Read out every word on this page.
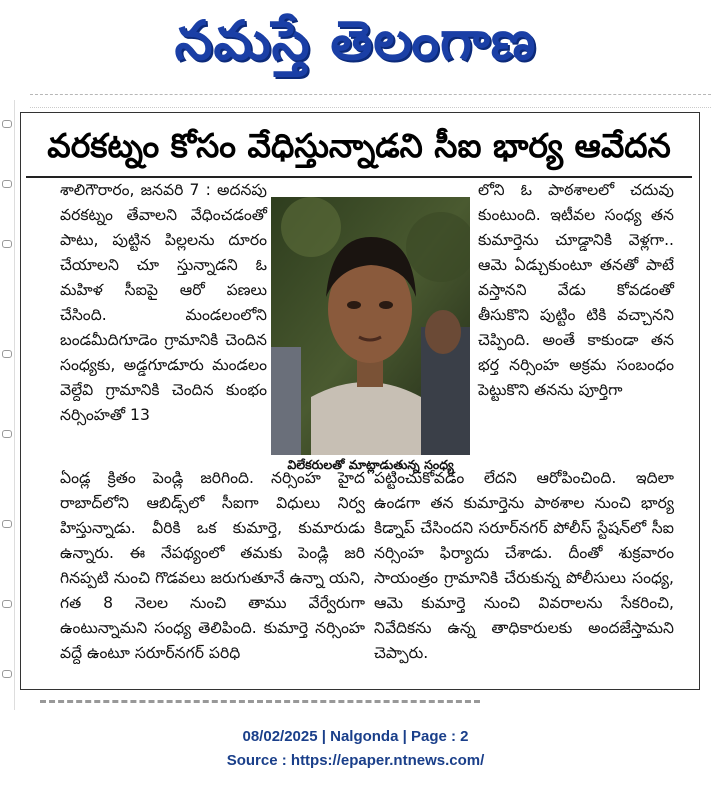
నమస్తే తెలంగాణ
వరకట్నం కోసం వేధిస్తున్నాడని సీఐ భార్య ఆవేదన
శాలిగౌరారం, జనవరి 7 : అదనపు వరకట్నం తేవాలని వేధించడంతో పాటు, పుట్టిన పిల్లలను దూరం చేయాలని చూ స్తున్నాడని ఓ మహిళ సీఐపై ఆరో పణలు చేసింది. మండలంలోని బండమీదిగూడెం గ్రామానికి చెందిన సంధ్యకు, అడ్డగూడూరు మండలం వెల్దేవి గ్రామానికి చెందిన కుంభం నర్సింహతో 13
విలేకరులతో మాట్లాడుతున్న సంధ్య
లోని ఓ పాఠశాలలో చదువు కుంటుంది. ఇటీవల సంధ్య తన కుమార్తెను చూడ్డానికి వెళ్లగా.. ఆమె ఏడ్చుకుంటూ తనతో పాటే వస్తానని వేడు కోవడంతో తీసుకొని పుట్టిం టికి వచ్చానని చెప్పింది. అంతే కాకుండా తన భర్త నర్సింహ అక్రమ సంబంధం పెట్టుకొని తనను పూర్తిగా
ఏండ్ల క్రితం పెండ్లి జరిగింది. నర్సింహ హైద రాబాద్‌లోని ఆబిడ్స్‌లో సీఐగా విధులు నిర్వ హిస్తున్నాడు. వీరికి ఒక కుమార్తె, కుమారుడు ఉన్నారు. ఈ నేపథ్యంలో తమకు పెండ్లి జరి గినప్పటి నుంచి గొడవలు జరుగుతూనే ఉన్నా యని, గత 8 నెలల నుంచి తాము వేర్వేరుగా ఉంటున్నామని సంధ్య తెలిపింది. కుమార్తె నర్సింహ వద్దే ఉంటూ సరూర్‌నగర్ పరిధి
పట్టించుకోవడం లేదని ఆరోపించింది. ఇదిలా ఉండగా తన కుమార్తెను పాఠశాల నుంచి భార్య కిడ్నాప్ చేసిందని సరూర్‌నగర్ పోలీస్ స్టేషన్‌లో సీఐ నర్సింహ ఫిర్యాదు చేశాడు. దీంతో శుక్రవారం సాయంత్రం గ్రామానికి చేరుకున్న పోలీసులు సంధ్య, ఆమె కుమార్తె నుంచి వివరాలను సేకరించి, నివేదికను ఉన్న తాధికారులకు అందజేస్తామని చెప్పారు.
08/02/2025 | Nalgonda | Page : 2
Source : https://epaper.ntnews.com/
